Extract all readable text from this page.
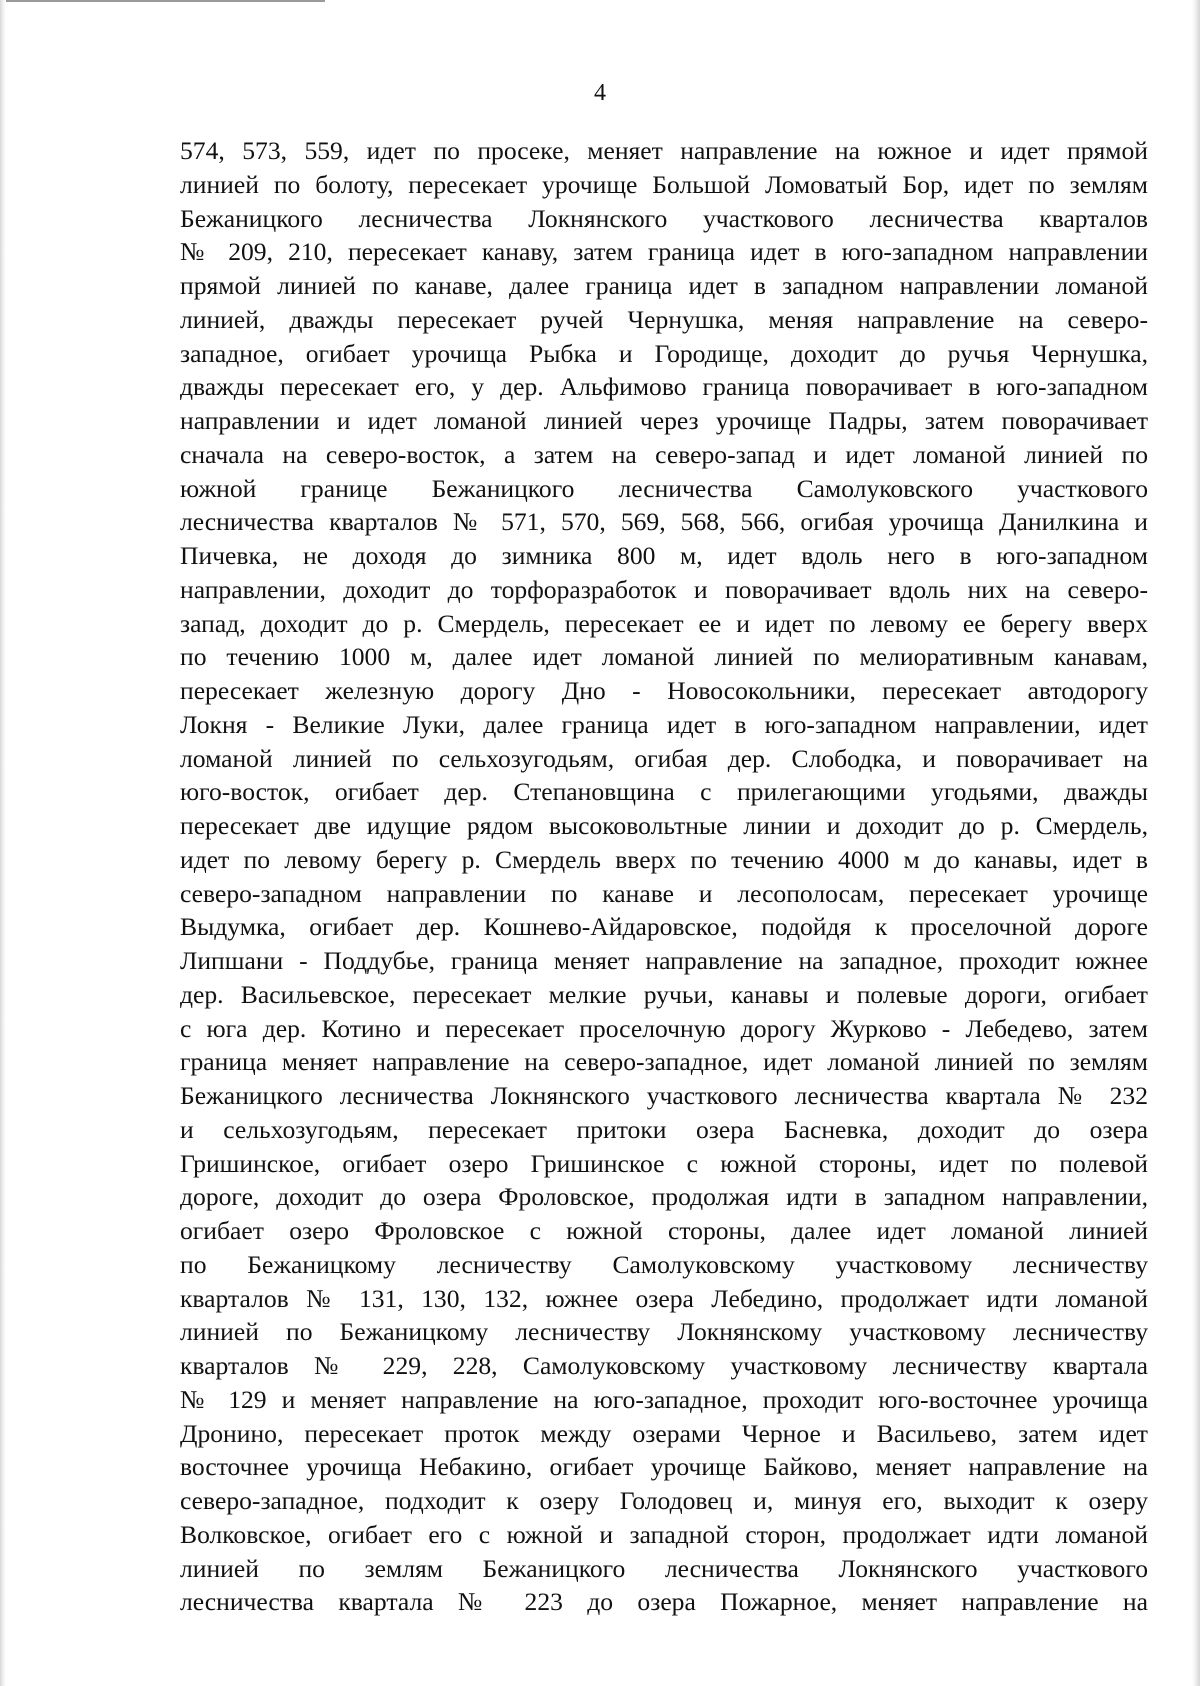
4
574, 573, 559, идет по просеке, меняет направление на южное и идет прямой
линией по болоту, пересекает урочище Большой Ломоватый Бор, идет по землям
Бежаницкого лесничества Локнянского участкового лесничества кварталов
№ 209, 210, пересекает канаву, затем граница идет в юго-западном направлении
прямой линией по канаве, далее граница идет в западном направлении ломаной
линией, дважды пересекает ручей Чернушка, меняя направление на северо-
западное, огибает урочища Рыбка и Городище, доходит до ручья Чернушка,
дважды пересекает его, у дер. Альфимово граница поворачивает в юго-западном
направлении и идет ломаной линией через урочище Падры, затем поворачивает
сначала на северо-восток, а затем на северо-запад и идет ломаной линией по
южной границе Бежаницкого лесничества Самолуковского участкового
лесничества кварталов № 571, 570, 569, 568, 566, огибая урочища Данилкина и
Пичевка, не доходя до зимника 800 м, идет вдоль него в юго-западном
направлении, доходит до торфоразработок и поворачивает вдоль них на северо-
запад, доходит до р. Смердель, пересекает ее и идет по левому ее берегу вверх
по течению 1000 м, далее идет ломаной линией по мелиоративным канавам,
пересекает железную дорогу Дно - Новосокольники, пересекает автодорогу
Локня - Великие Луки, далее граница идет в юго-западном направлении, идет
ломаной линией по сельхозугодьям, огибая дер. Слободка, и поворачивает на
юго-восток, огибает дер. Степановщина с прилегающими угодьями, дважды
пересекает две идущие рядом высоковольтные линии и доходит до р. Смердель,
идет по левому берегу р. Смердель вверх по течению 4000 м до канавы, идет в
северо-западном направлении по канаве и лесополосам, пересекает урочище
Выдумка, огибает дер. Кошнево-Айдаровское, подойдя к проселочной дороге
Липшани - Поддубье, граница меняет направление на западное, проходит южнее
дер. Васильевское, пересекает мелкие ручьи, канавы и полевые дороги, огибает
с юга дер. Котино и пересекает проселочную дорогу Журково - Лебедево, затем
граница меняет направление на северо-западное, идет ломаной линией по землям
Бежаницкого лесничества Локнянского участкового лесничества квартала № 232
и сельхозугодьям, пересекает притоки озера Басневка, доходит до озера
Гришинское, огибает озеро Гришинское с южной стороны, идет по полевой
дороге, доходит до озера Фроловское, продолжая идти в западном направлении,
огибает озеро Фроловское с южной стороны, далее идет ломаной линией
по Бежаницкому лесничеству Самолуковскому участковому лесничеству
кварталов № 131, 130, 132, южнее озера Лебедино, продолжает идти ломаной
линией по Бежаницкому лесничеству Локнянскому участковому лесничеству
кварталов № 229, 228, Самолуковскому участковому лесничеству квартала
№ 129 и меняет направление на юго-западное, проходит юго-восточнее урочища
Дронино, пересекает проток между озерами Черное и Васильево, затем идет
восточнее урочища Небакино, огибает урочище Байково, меняет направление на
северо-западное, подходит к озеру Голодовец и, минуя его, выходит к озеру
Волковское, огибает его с южной и западной сторон, продолжает идти ломаной
линией по землям Бежаницкого лесничества Локнянского участкового
лесничества квартала № 223 до озера Пожарное, меняет направление на
